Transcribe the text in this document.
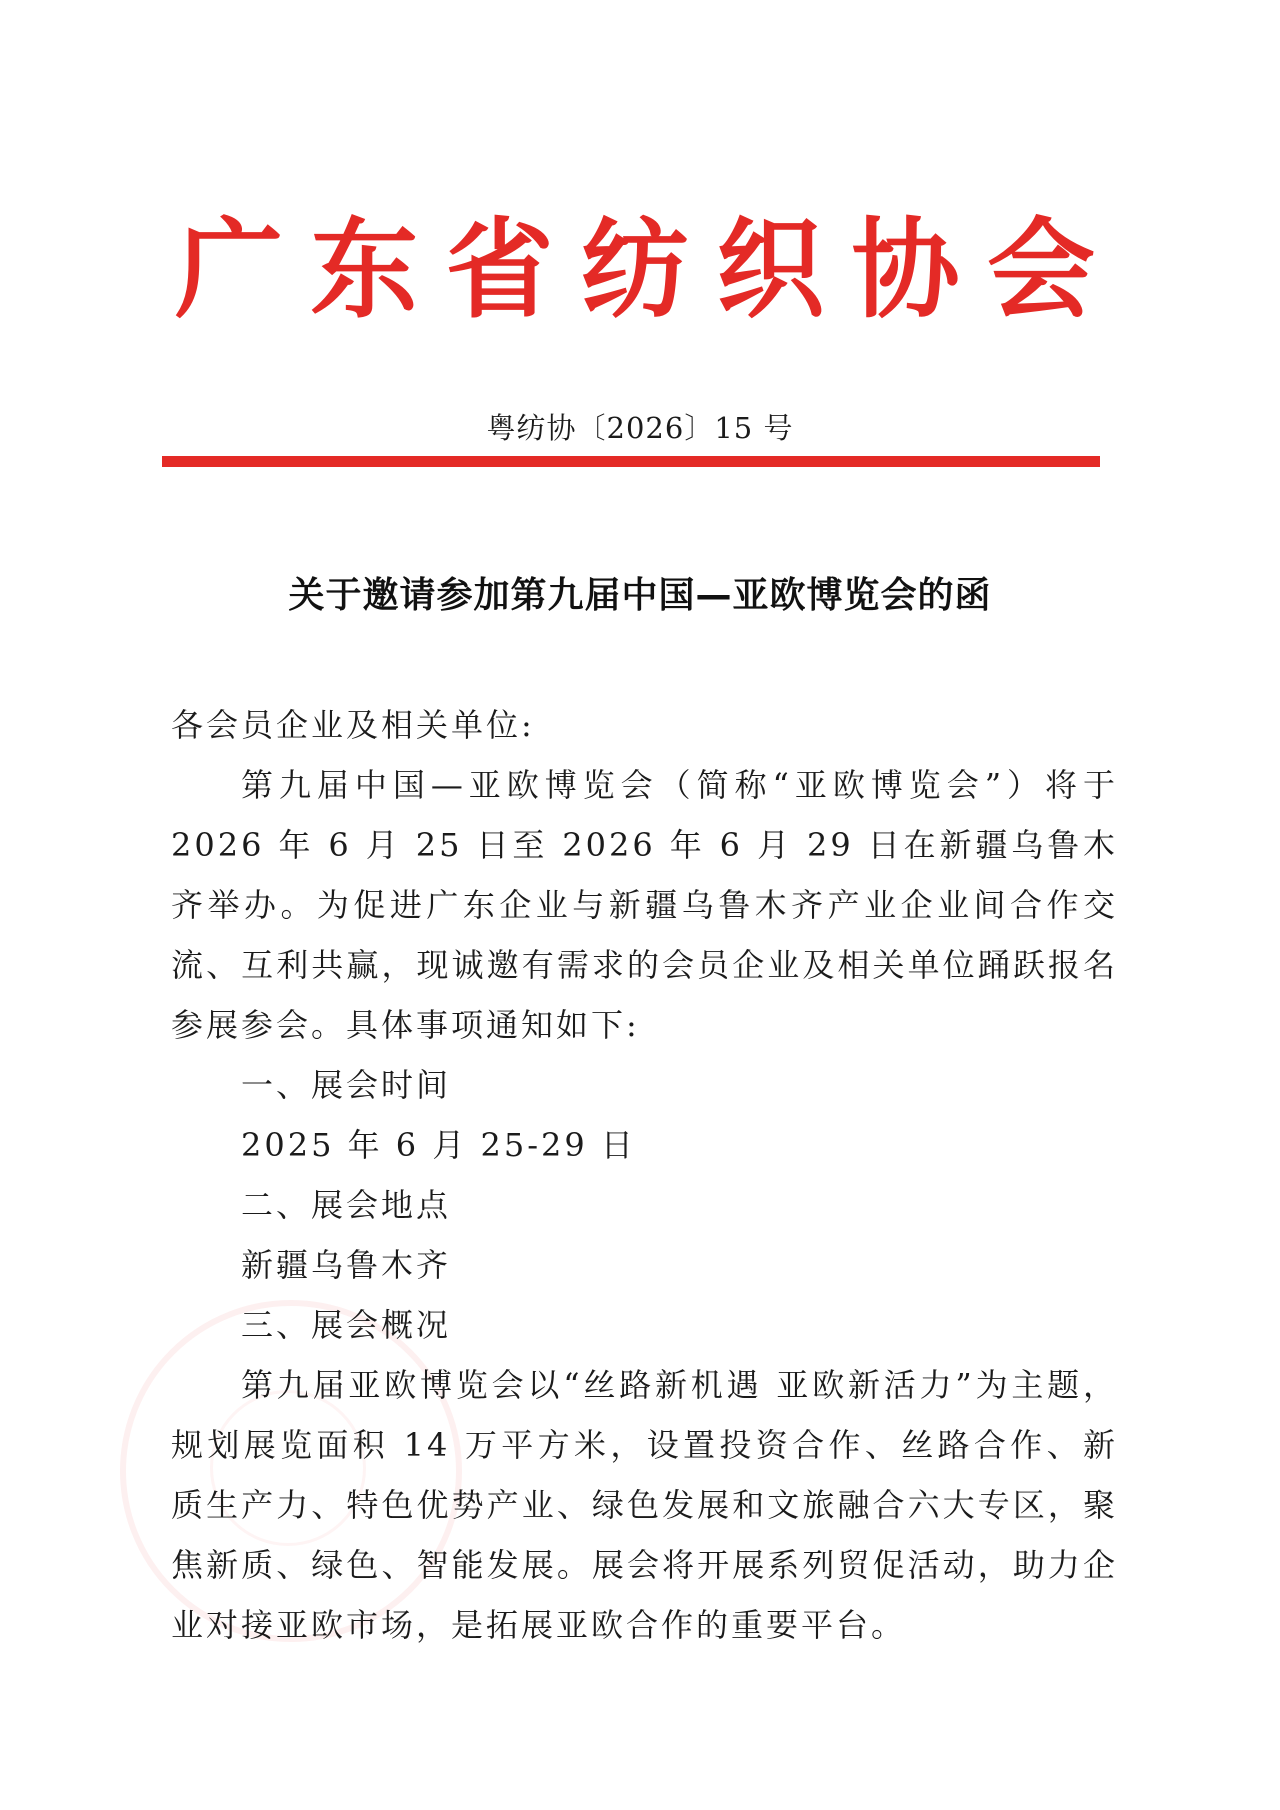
广 东 省 纺 织 协 会
粤纺协〔2026〕15 号
关于邀请参加第九届中国—亚欧博览会的函

各会员企业及相关单位:

第九届中国—亚欧博览会（简称“亚欧博览会”）将于 2026 年 6 月 25 日至 2026 年 6 月 29 日在新疆乌鲁木齐举办。为促进广东企业与新疆乌鲁木齐产业企业间合作交流、互利共赢，现诚邀有需求的会员企业及相关单位踊跃报名参展参会。具体事项通知如下:

一、展会时间

2025 年 6 月 25-29 日

二、展会地点

新疆乌鲁木齐

三、展会概况

第九届亚欧博览会以“丝路新机遇 亚欧新活力”为主题，规划展览面积 14 万平方米，设置投资合作、丝路合作、新质生产力、特色优势产业、绿色发展和文旅融合六大专区，聚焦新质、绿色、智能发展。展会将开展系列贸促活动，助力企业对接亚欧市场，是拓展亚欧合作的重要平台。
